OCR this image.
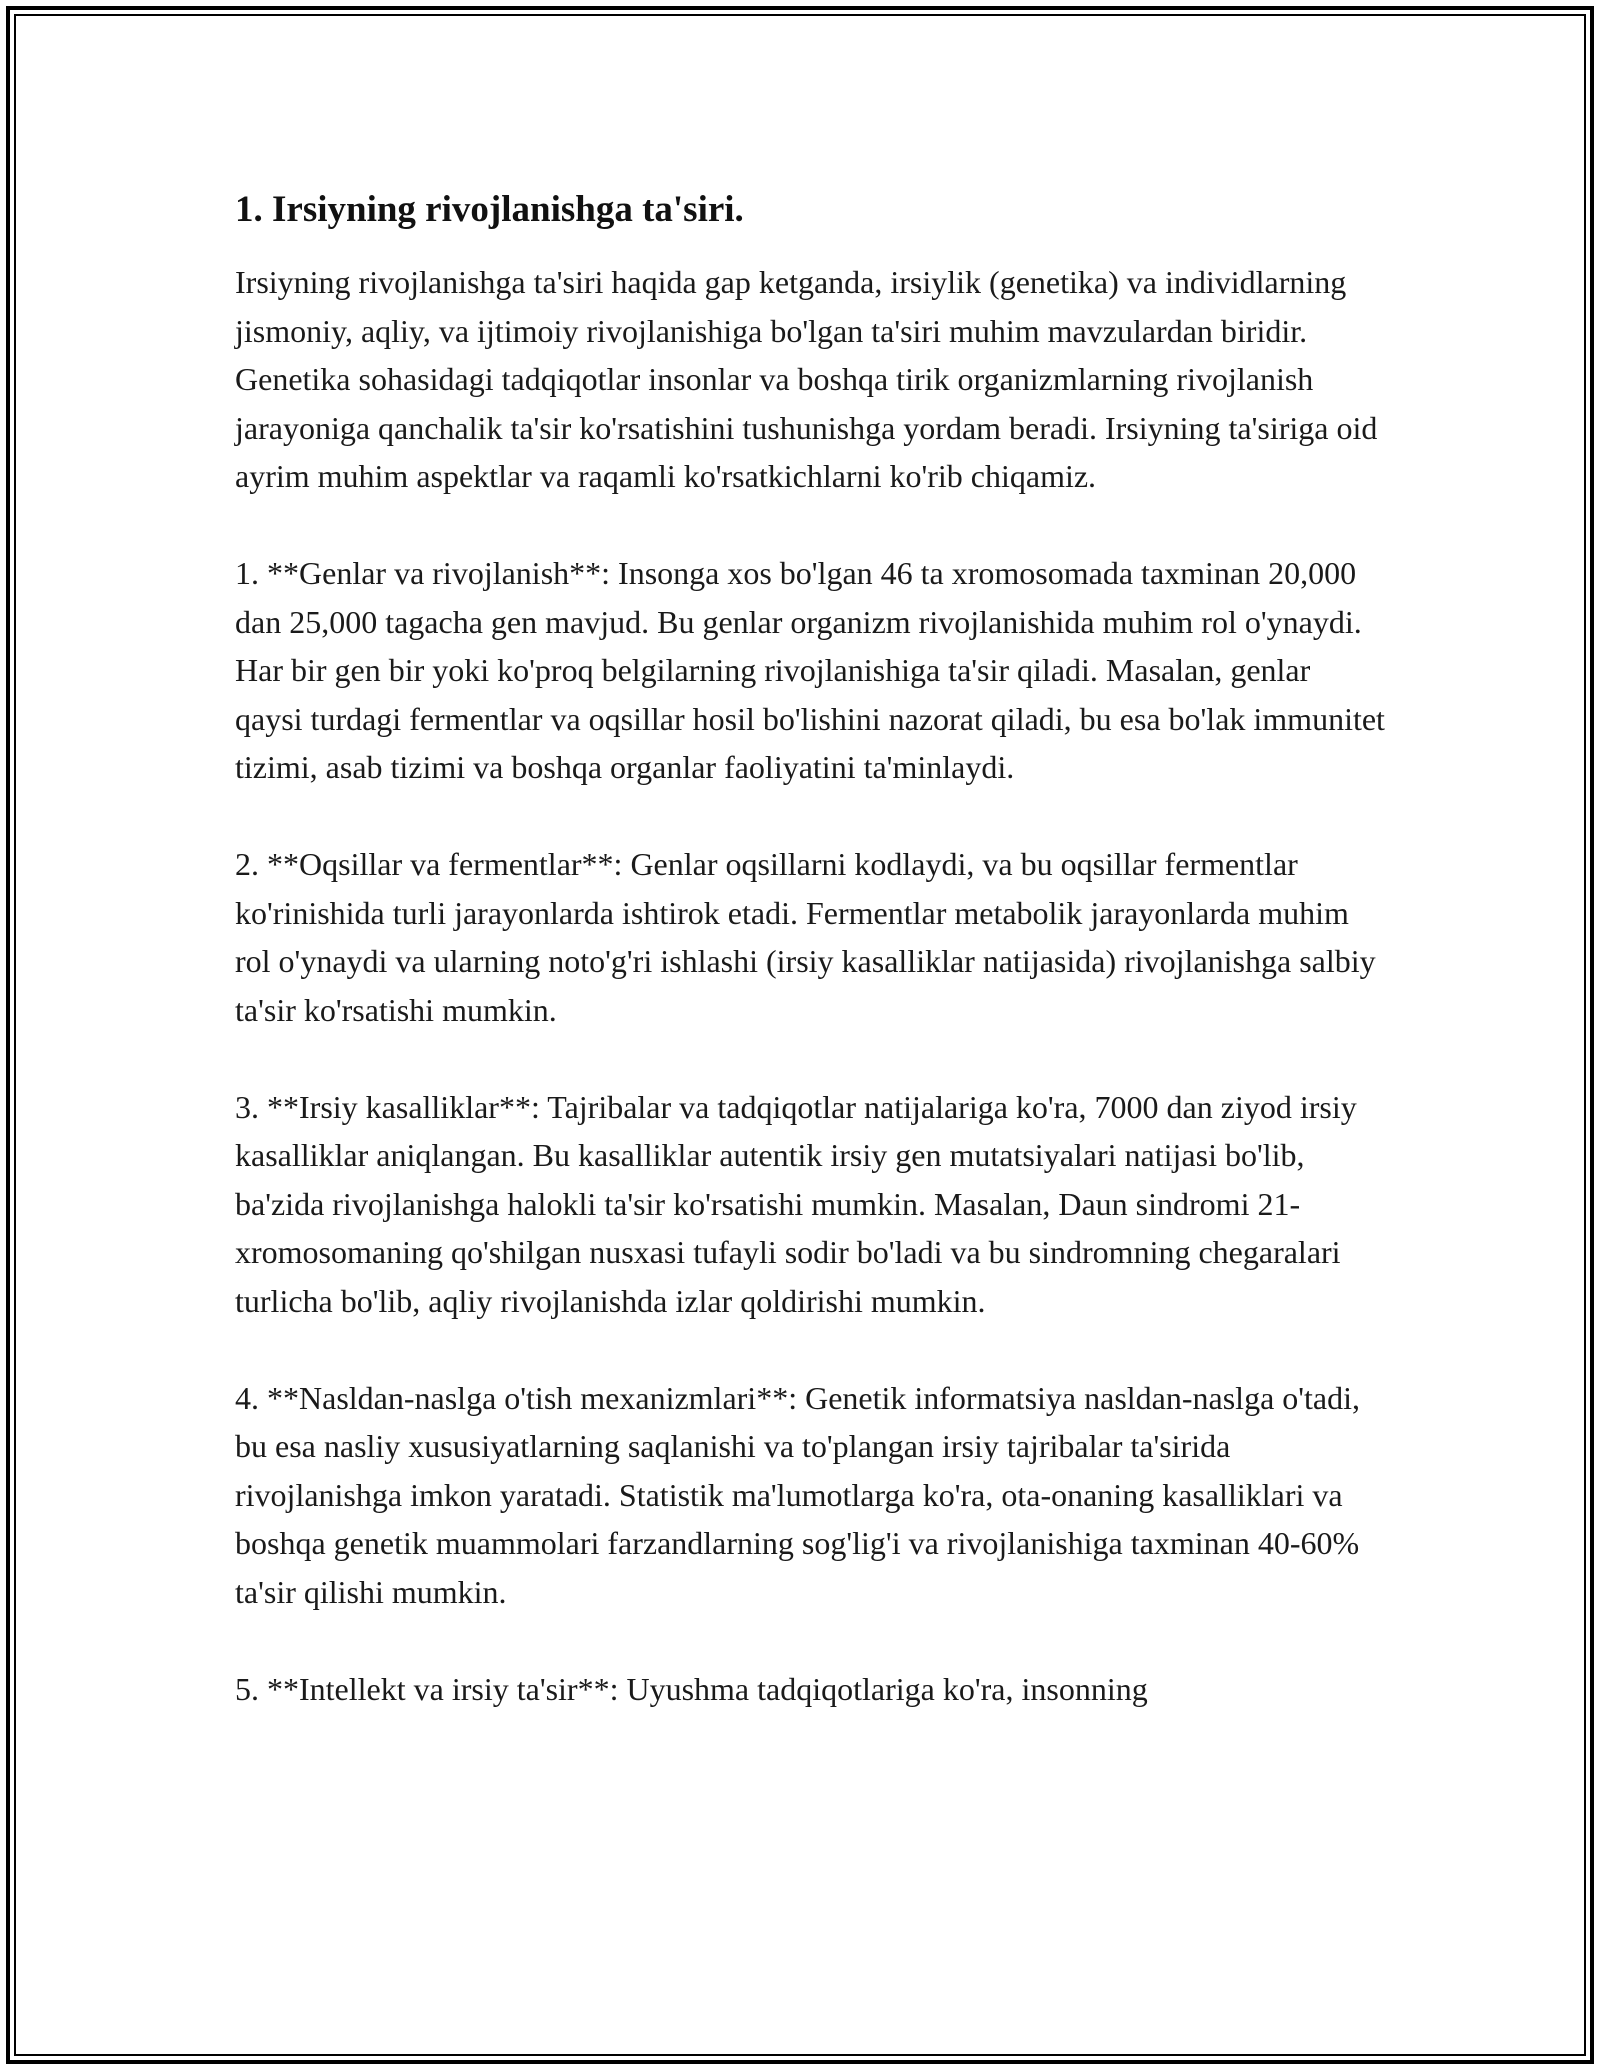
1. Irsiyning rivojlanishga ta'siri.

Irsiyning rivojlanishga ta'siri haqida gap ketganda, irsiylik (genetika) va individlarning jismoniy, aqliy, va ijtimoiy rivojlanishiga bo'lgan ta'siri muhim mavzulardan biridir. Genetika sohasidagi tadqiqotlar insonlar va boshqa tirik organizmlarning rivojlanish jarayoniga qanchalik ta'sir ko'rsatishini tushunishga yordam beradi. Irsiyning ta'siriga oid ayrim muhim aspektlar va raqamli ko'rsatkichlarni ko'rib chiqamiz.

1. **Genlar va rivojlanish**: Insonga xos bo'lgan 46 ta xromosomada taxminan 20,000 dan 25,000 tagacha gen mavjud. Bu genlar organizm rivojlanishida muhim rol o'ynaydi. Har bir gen bir yoki ko'proq belgilarning rivojlanishiga ta'sir qiladi. Masalan, genlar qaysi turdagi fermentlar va oqsillar hosil bo'lishini nazorat qiladi, bu esa bo'lak immunitet tizimi, asab tizimi va boshqa organlar faoliyatini ta'minlaydi.

2. **Oqsillar va fermentlar**: Genlar oqsillarni kodlaydi, va bu oqsillar fermentlar ko'rinishida turli jarayonlarda ishtirok etadi. Fermentlar metabolik jarayonlarda muhim rol o'ynaydi va ularning noto'g'ri ishlashi (irsiy kasalliklar natijasida) rivojlanishga salbiy ta'sir ko'rsatishi mumkin.

3. **Irsiy kasalliklar**: Tajribalar va tadqiqotlar natijalariga ko'ra, 7000 dan ziyod irsiy kasalliklar aniqlangan. Bu kasalliklar autentik irsiy gen mutatsiyalari natijasi bo'lib, ba'zida rivojlanishga halokli ta'sir ko'rsatishi mumkin. Masalan, Daun sindromi 21-xromosomaning qo'shilgan nusxasi tufayli sodir bo'ladi va bu sindromning chegaralari turlicha bo'lib, aqliy rivojlanishda izlar qoldirishi mumkin.

4. **Nasldan-naslga o'tish mexanizmlari**: Genetik informatsiya nasldan-naslga o'tadi, bu esa nasliy xususiyatlarning saqlanishi va to'plangan irsiy tajribalar ta'sirida rivojlanishga imkon yaratadi. Statistik ma'lumotlarga ko'ra, ota-onaning kasalliklari va boshqa genetik muammolari farzandlarning sog'lig'i va rivojlanishiga taxminan 40-60% ta'sir qilishi mumkin.

5. **Intellekt va irsiy ta'sir**: Uyushma tadqiqotlariga ko'ra, insonning
